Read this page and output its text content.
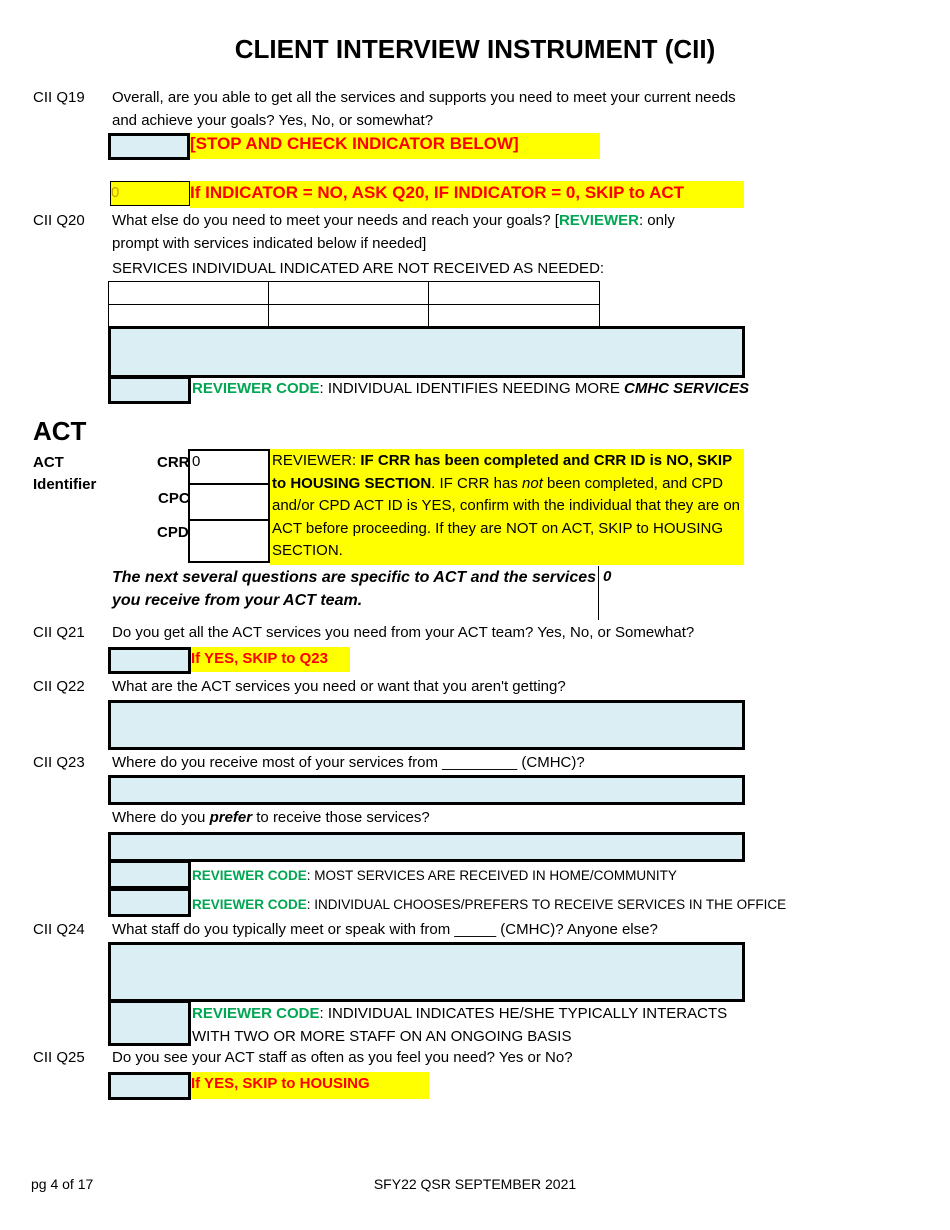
CLIENT INTERVIEW INSTRUMENT (CII)
CII Q19 Overall, are you able to get all the services and supports you need to meet your current needs and achieve your goals? Yes, No, or somewhat?
[STOP AND CHECK INDICATOR BELOW]
0	If INDICATOR = NO, ASK Q20, IF INDICATOR = 0, SKIP to ACT
CII Q20 What else do you need to meet your needs and reach your goals? [REVIEWER: only prompt with services indicated below if needed]
SERVICES INDIVIDUAL INDICATED ARE NOT RECEIVED AS NEEDED:
REVIEWER CODE: INDIVIDUAL IDENTIFIES NEEDING MORE CMHC SERVICES
ACT
ACT
Identifier
CRR
CPC
CPD
0	REVIEWER: IF CRR has been completed and CRR ID is NO, SKIP to HOUSING SECTION. IF CRR has not been completed, and CPD and/or CPD ACT ID is YES, confirm with the individual that they are on ACT before proceeding. If they are NOT on ACT, SKIP to HOUSING SECTION.
The next several questions are specific to ACT and the services you receive from your ACT team.
0
CII Q21 Do you get all the ACT services you need from your ACT team? Yes, No, or Somewhat?
If YES, SKIP to Q23
CII Q22 What are the ACT services you need or want that you aren't getting?
CII Q23 Where do you receive most of your services from _________ (CMHC)?
Where do you prefer to receive those services?
REVIEWER CODE: MOST SERVICES ARE RECEIVED IN HOME/COMMUNITY
REVIEWER CODE: INDIVIDUAL CHOOSES/PREFERS TO RECEIVE SERVICES IN THE OFFICE
CII Q24 What staff do you typically meet or speak with from _____ (CMHC)? Anyone else?
REVIEWER CODE: INDIVIDUAL INDICATES HE/SHE TYPICALLY INTERACTS WITH TWO OR MORE STAFF ON AN ONGOING BASIS
CII Q25 Do you see your ACT staff as often as you feel you need? Yes or No?
If YES, SKIP to HOUSING
pg 4 of 17	SFY22 QSR SEPTEMBER 2021
